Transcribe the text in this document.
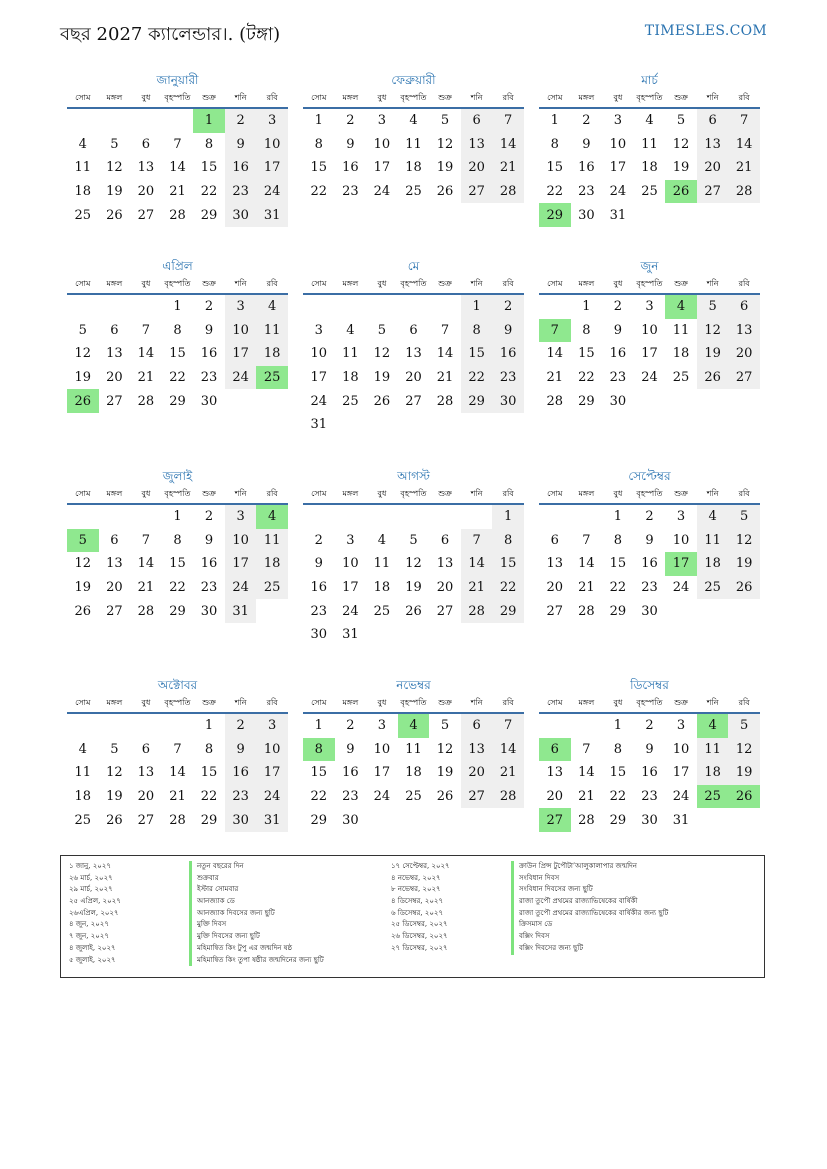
বছর 2027 ক্যালেন্ডার।. (টঙ্গা)	TIMESLES.COM
জানুয়ারী
সোম	মঙ্গল	বুধ	বৃহস্পতি	শুক্র	শনি	রবি
				1	2	3
4	5	6	7	8	9	10
11	12	13	14	15	16	17
18	19	20	21	22	23	24
25	26	27	28	29	30	31
ফেব্রুয়ারী
সোম	মঙ্গল	বুধ	বৃহস্পতি	শুক্র	শনি	রবি
1	2	3	4	5	6	7
8	9	10	11	12	13	14
15	16	17	18	19	20	21
22	23	24	25	26	27	28
মার্চ
সোম	মঙ্গল	বুধ	বৃহস্পতি	শুক্র	শনি	রবি
1	2	3	4	5	6	7
8	9	10	11	12	13	14
15	16	17	18	19	20	21
22	23	24	25	26	27	28
29	30	31				
এপ্রিল
সোম	মঙ্গল	বুধ	বৃহস্পতি	শুক্র	শনি	রবি
			1	2	3	4
5	6	7	8	9	10	11
12	13	14	15	16	17	18
19	20	21	22	23	24	25
26	27	28	29	30		
মে
সোম	মঙ্গল	বুধ	বৃহস্পতি	শুক্র	শনি	রবি
					1	2
3	4	5	6	7	8	9
10	11	12	13	14	15	16
17	18	19	20	21	22	23
24	25	26	27	28	29	30
31						
জুন
সোম	মঙ্গল	বুধ	বৃহস্পতি	শুক্র	শনি	রবি
	1	2	3	4	5	6
7	8	9	10	11	12	13
14	15	16	17	18	19	20
21	22	23	24	25	26	27
28	29	30				
জুলাই
সোম	মঙ্গল	বুধ	বৃহস্পতি	শুক্র	শনি	রবি
			1	2	3	4
5	6	7	8	9	10	11
12	13	14	15	16	17	18
19	20	21	22	23	24	25
26	27	28	29	30	31	
আগস্ট
সোম	মঙ্গল	বুধ	বৃহস্পতি	শুক্র	শনি	রবি
						1
2	3	4	5	6	7	8
9	10	11	12	13	14	15
16	17	18	19	20	21	22
23	24	25	26	27	28	29
30	31					
সেপ্টেম্বর
সোম	মঙ্গল	বুধ	বৃহস্পতি	শুক্র	শনি	রবি
		1	2	3	4	5
6	7	8	9	10	11	12
13	14	15	16	17	18	19
20	21	22	23	24	25	26
27	28	29	30			
অক্টোবর
সোম	মঙ্গল	বুধ	বৃহস্পতি	শুক্র	শনি	রবি
				1	2	3
4	5	6	7	8	9	10
11	12	13	14	15	16	17
18	19	20	21	22	23	24
25	26	27	28	29	30	31
নভেম্বর
সোম	মঙ্গল	বুধ	বৃহস্পতি	শুক্র	শনি	রবি
1	2	3	4	5	6	7
8	9	10	11	12	13	14
15	16	17	18	19	20	21
22	23	24	25	26	27	28
29	30					
ডিসেম্বর
সোম	মঙ্গল	বুধ	বৃহস্পতি	শুক্র	শনি	রবি
		1	2	3	4	5
6	7	8	9	10	11	12
13	14	15	16	17	18	19
20	21	22	23	24	25	26
27	28	29	30	31		
১ জানু, ২০২৭	নতুন বছরের দিন
২৬ মার্চ, ২০২৭	শুক্রবার
২৯ মার্চ, ২০২৭	ইস্টার সোমবার
২৫ এপ্রিল, ২০২৭	আনজ্যাক ডে
২৬এপ্রিল, ২০২৭	আনজ্যাক দিবসের জন্য ছুটি
৪ জুন, ২০২৭	মুক্তি দিবস
৭ জুন, ২০২৭	মুক্তি দিবসের জন্য ছুটি
৪ জুলাই, ২০২৭	মহিমান্বিত কিং টুপু এর জন্মদিন ষষ্ঠ
৫ জুলাই, ২০২৭	মহিমান্বিত কিং তুপা ষষ্ঠীর জন্মদিনের জন্য ছুটি
১৭ সেপ্টেম্বর, ২০২৭	ক্রাউন প্রিন্স টুপৌটা’আলুকালাপার জন্মদিন
৪ নভেম্বর, ২০২৭	সংবিধান দিবস
৮ নভেম্বর, ২০২৭	সংবিধান দিবসের জন্য ছুটি
৪ ডিসেম্বর, ২০২৭	রাজা তুপৌ প্রথমের রাজ্যাভিষেকের বার্ষিকী
৬ ডিসেম্বর, ২০২৭	রাজা তুপৌ প্রথমের রাজ্যাভিষেকের বার্ষিকীর জন্য ছুটি
২৫ ডিসেম্বর, ২০২৭	ক্রিসমাস ডে
২৬ ডিসেম্বর, ২০২৭	বক্সিং দিবস
২৭ ডিসেম্বর, ২০২৭	বক্সিং দিবসের জন্য ছুটি
